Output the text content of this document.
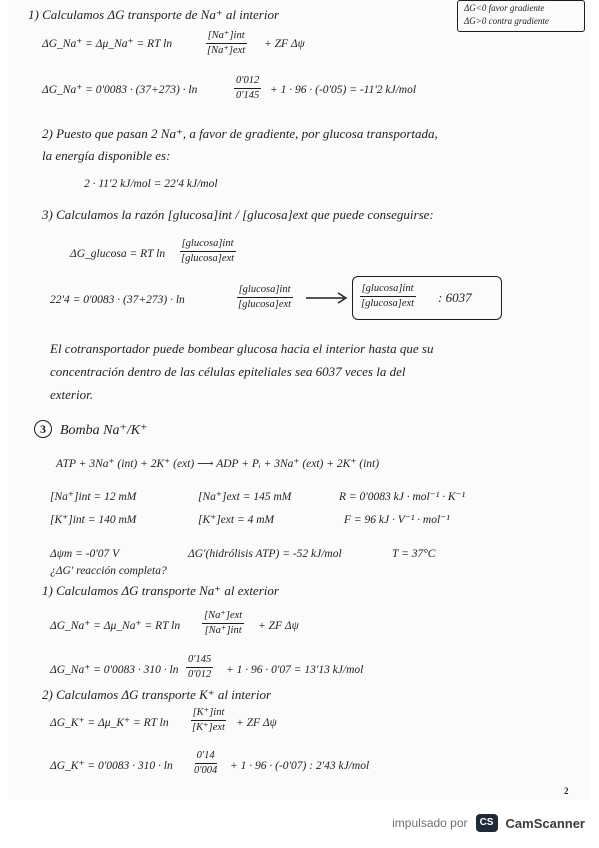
ΔG<0 favor gradiente
ΔG>0 contra gradiente
1) Calculamos ΔG transporte de Na⁺ al interior
ΔG_Na⁺ = Δμ_Na⁺ = RT ln
[Na⁺]int
[Na⁺]ext
+ ZF Δψ
ΔG_Na⁺ = 0'0083 · (37+273) · ln	$\frac{0'012}{0'145} + 1 \cdot 96 \cdot (-0'05) = -11'2$ kJ/mol
2) Puesto que pasan 2 Na⁺, a favor de gradiente, por glucosa transportada,
la energía disponible es:
2 · 11'2 kJ/mol = 22'4 kJ/mol
3) Calculamos la razón [glucosa]int / [glucosa]ext que puede conseguirse:
ΔG_glucosa = RT ln
[glucosa]int
[glucosa]ext
22'4 = 0'0083 · (37+273) · ln
[glucosa]int
[glucosa]ext
[glucosa]int
[glucosa]ext : 6037
El cotransportador puede bombear glucosa hacia el interior hasta que su
concentración dentro de las células epiteliales sea 6037 veces la del
exterior.
3	Bomba Na⁺/K⁺
ATP + 3Na⁺ (int) + 2K⁺ (ext) ⟶ ADP + Pᵢ + 3Na⁺ (ext) + 2K⁺ (int)
[Na⁺]int = 12 mM	[Na⁺]ext = 145 mM	R = 0'0083 kJ · mol⁻¹ · K⁻¹
[K⁺]int = 140 mM	[K⁺]ext = 4 mM	F = 96 kJ · V⁻¹ · mol⁻¹
Δψm = -0'07 V	ΔG'(hidrólisis ATP) = -52 kJ/mol	T = 37°C
¿ΔG' reacción completa?
1) Calculamos ΔG transporte Na⁺ al exterior
ΔG_Na⁺ = Δμ_Na⁺ = RT ln
[Na⁺]ext
[Na⁺]int + ZF Δψ
ΔG_Na⁺ = $0'0083 \cdot 310 \cdot \ln \frac{0'145}{0'012} + 1 \cdot 96 \cdot 0'07 = 13'13$ kJ/mol
2) Calculamos ΔG transporte K⁺ al interior
ΔG_K⁺ = Δμ_K⁺ = RT ln
[K⁺]int
[K⁺]ext + ZF Δψ
ΔG_K⁺ = $0'0083 \cdot 310 \cdot \ln \frac{0'14}{0'004} + 1 \cdot 96 \cdot (-0'07)$ : 2'43 kJ/mol
2
impulsado por	CS CamScanner
